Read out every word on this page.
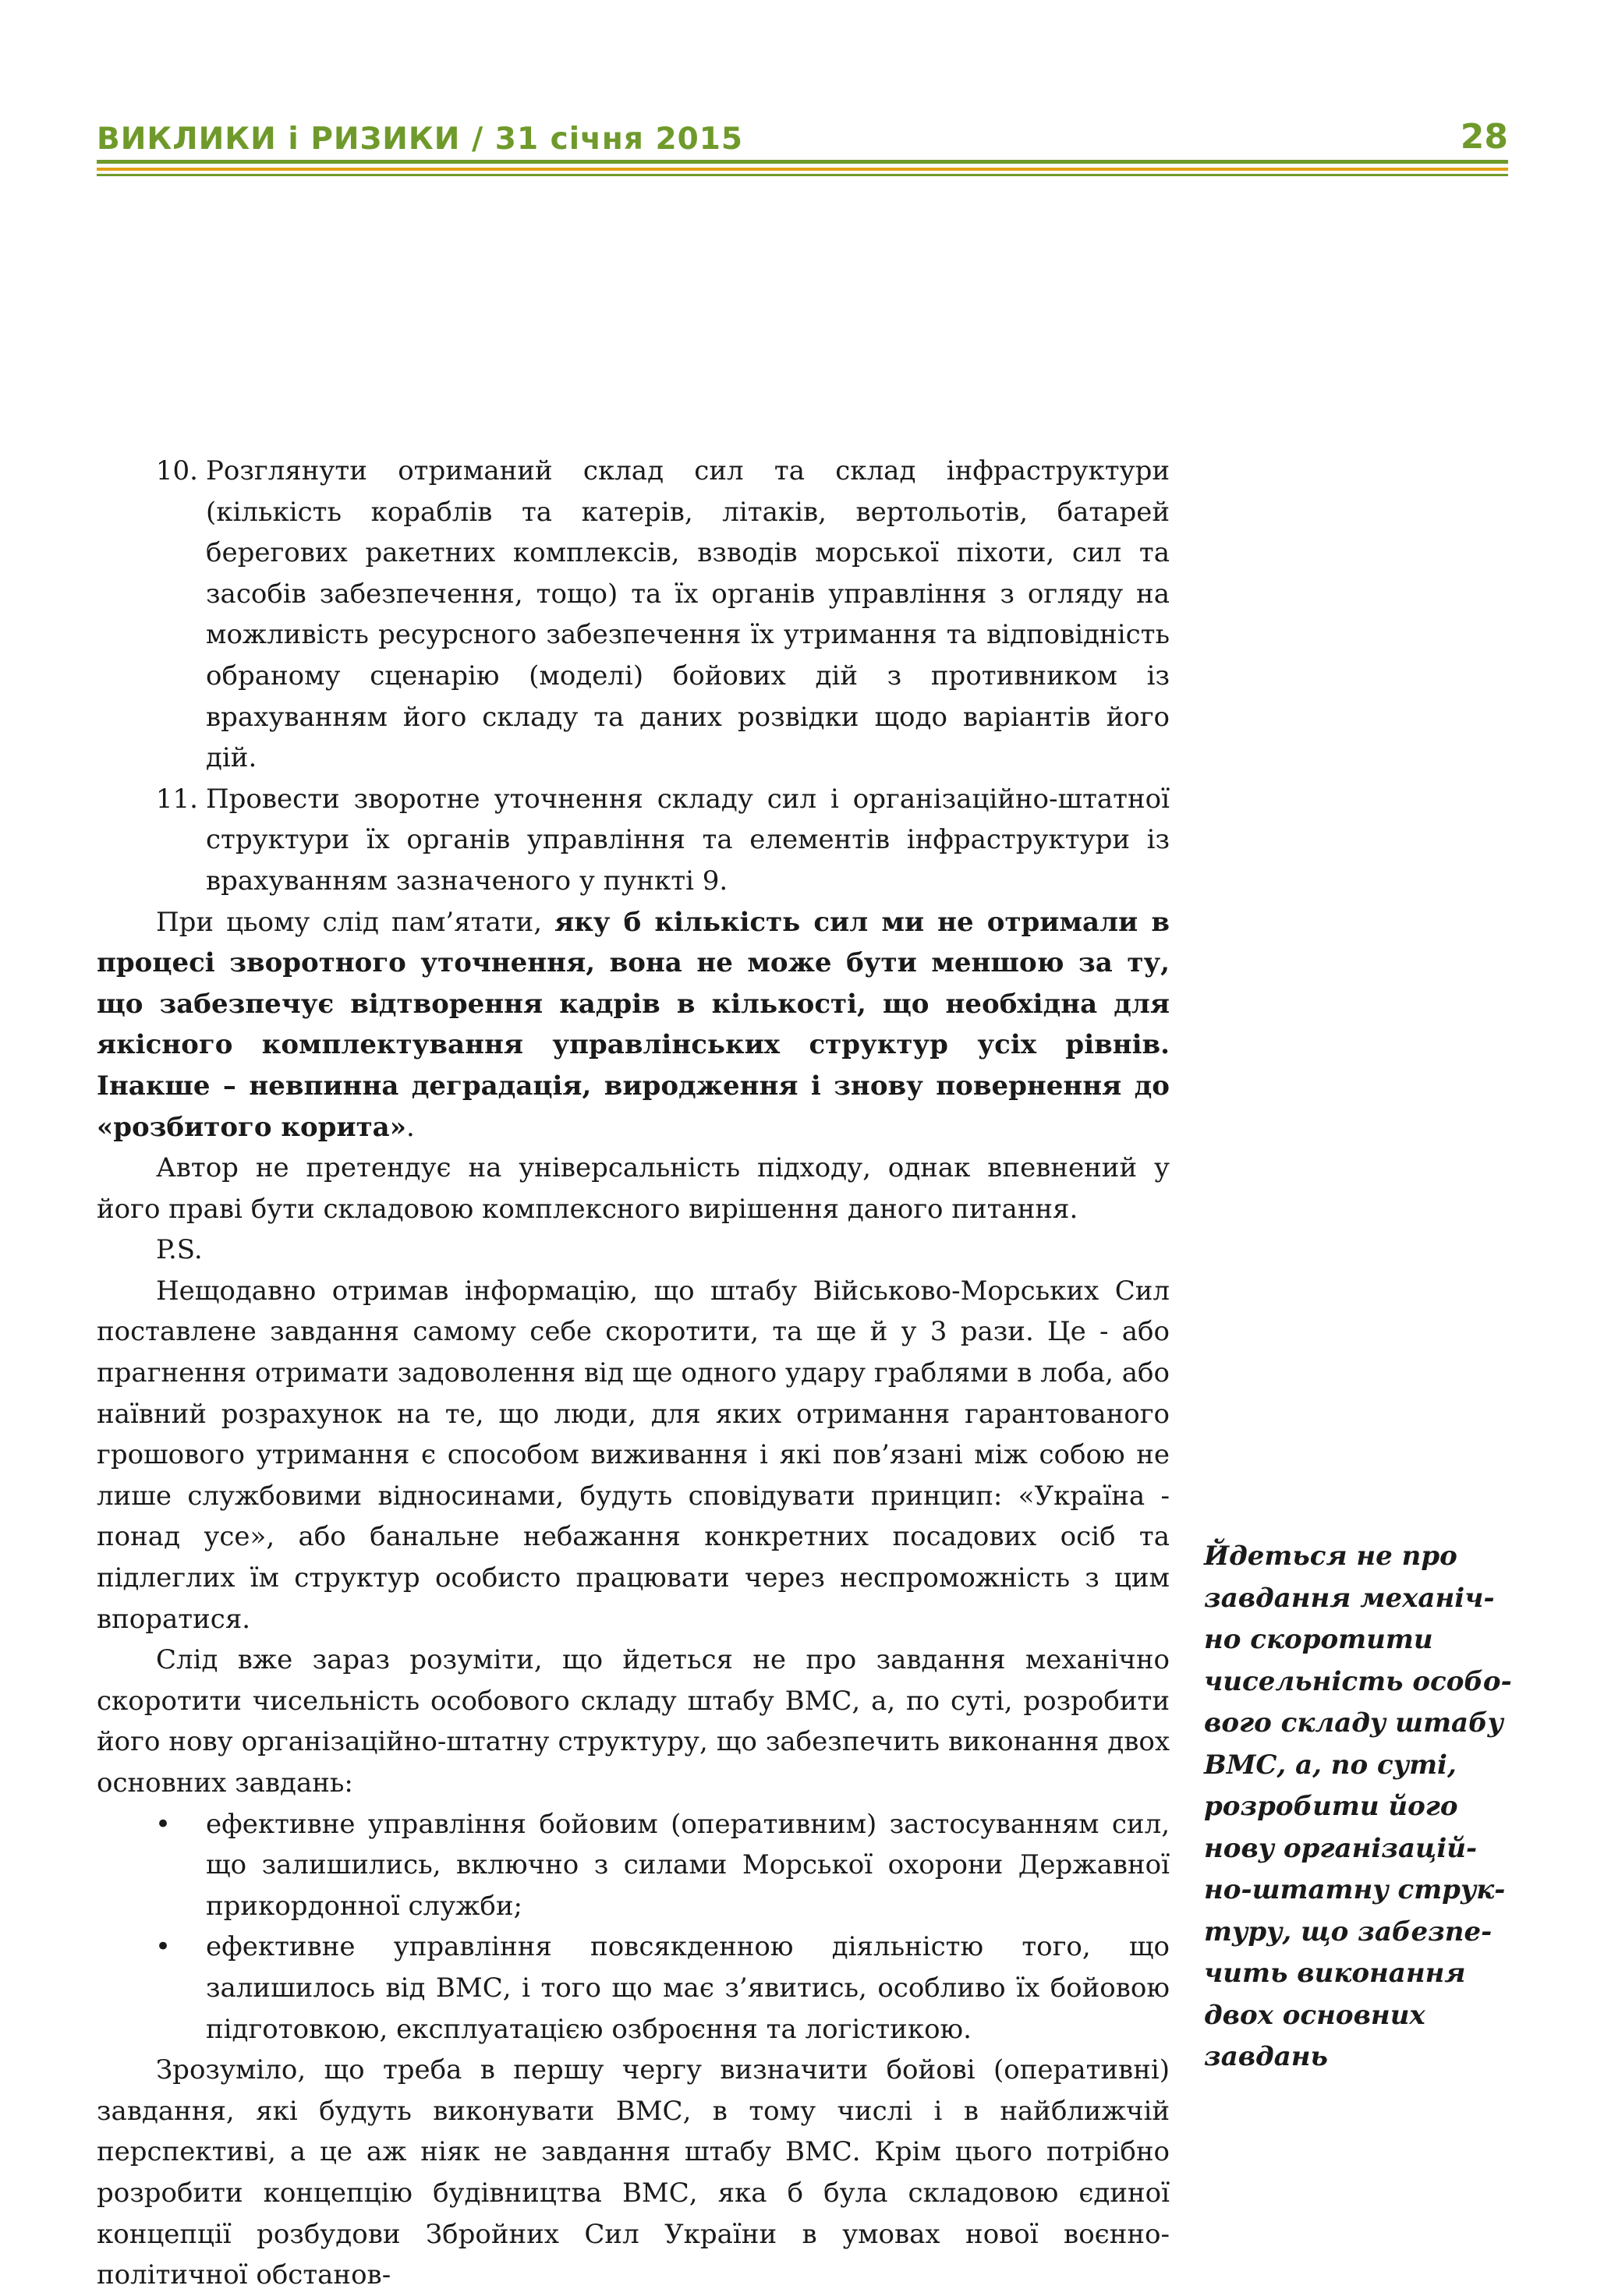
ВИКЛИКИ і РИЗИКИ / 31 січня 2015	28
10. Розглянути отриманий склад сил та склад інфраструктури (кількість кораблів та катерів, літаків, вертольотів, батарей берегових ракетних комплексів, взводів морської піхоти, сил та засобів забезпечення, тощо) та їх органів управління з огляду на можливість ресурсного забезпечення їх утримання та відповідність обраному сценарію (моделі) бойових дій з противником із врахуванням його складу та даних розвідки щодо варіантів його дій.
11. Провести зворотне уточнення складу сил і організаційно-штатної структури їх органів управління та елементів інфраструктури із врахуванням зазначеного у пункті 9.

При цьому слід пам’ятати, яку б кількість сил ми не отримали в процесі зворотного уточнення, вона не може бути меншою за ту, що забезпечує відтворення кадрів в кількості, що необхідна для якісного комплектування управлінських структур усіх рівнів. Інакше – невпинна деградація, виродження і знову повернення до «розбитого корита».

Автор не претендує на універсальність підходу, однак впевнений у його праві бути складовою комплексного вирішення даного питання.

P.S.

Нещодавно отримав інформацію, що штабу Військово-Морських Сил поставлене завдання самому себе скоротити, та ще й у 3 рази. Це - або прагнення отримати задоволення від ще одного удару граблями в лоба, або наївний розрахунок на те, що люди, для яких отримання гарантованого грошового утримання є способом виживання і які пов’язані між собою не лише службовими відносинами, будуть сповідувати принцип: «Україна - понад усе», або банальне небажання конкретних посадових осіб та підлеглих їм структур особисто працювати через неспроможність з цим впоратися.

Слід вже зараз розуміти, що йдеться не про завдання механічно скоротити чисельність особового складу штабу ВМС, а, по суті, розробити його нову організаційно-штатну структуру, що забезпечить виконання двох основних завдань:

•	ефективне управління бойовим (оперативним) застосуванням сил, що залишились, включно з силами Морської охорони Державної прикордонної служби;
•	ефективне управління повсякденною діяльністю того, що залишилось від ВМС, і того що має з’явитись, особливо їх бойовою підготовкою, експлуатацією озброєння та логістикою.

Зрозуміло, що треба в першу чергу визначити бойові (оперативні) завдання, які будуть виконувати ВМС, в тому числі і в найближчій перспективі, а це аж ніяк не завдання штабу ВМС. Крім цього потрібно розробити концепцію будівництва ВМС, яка б була складовою єдиної концепції розбудови Збройних Сил України в умовах нової воєнно-політичної обстанов-

Йдеться не про
завдання механіч-
но скоротити
чисельність особо-
вого складу штабу
ВМС, а, по суті,
розробити його
нову організацій-
но-штатну струк-
туру, що забезпе-
чить виконання
двох основних
завдань
